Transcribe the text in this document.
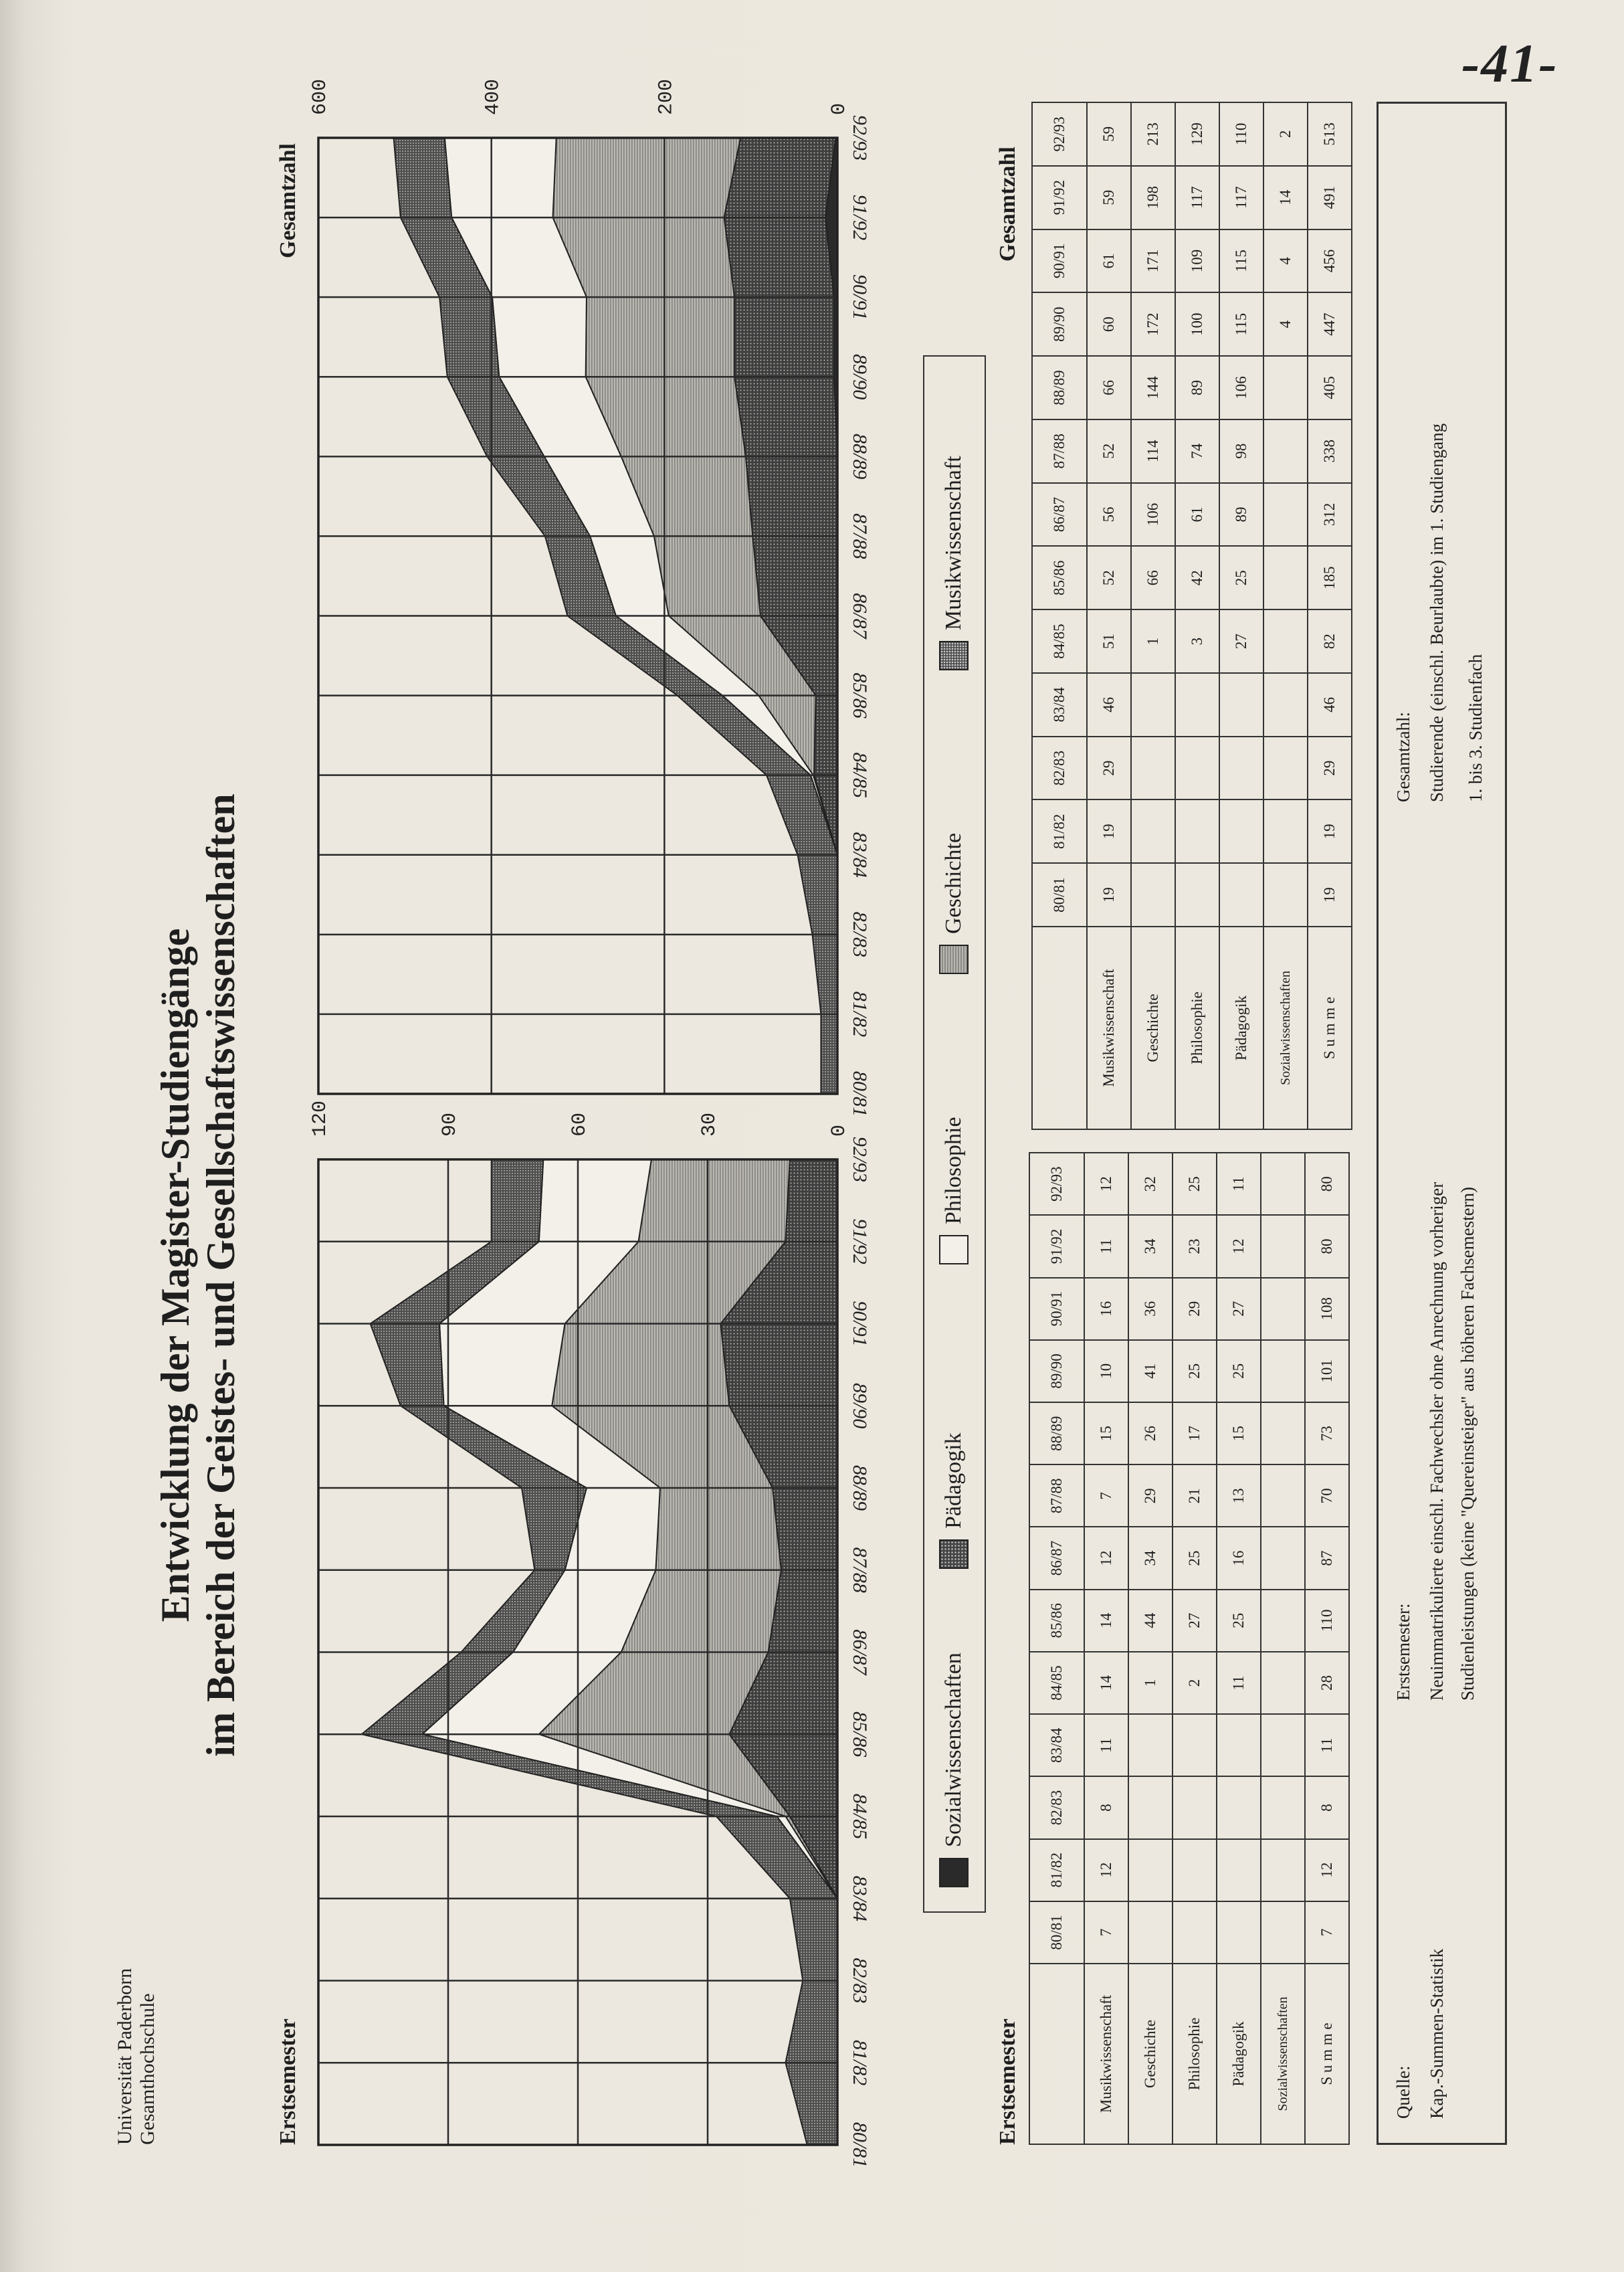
-41-
Universität Paderborn Gesamthochschule
Entwicklung der Magister-Studiengänge im Bereich der Geistes- und Gesellschaftswissenschaften
Erstsemester
Gesamtzahl
0
30
60
90
120
80/81
81/82
82/83
83/84
84/85
85/86
86/87
87/88
88/89
89/90
90/91
91/92
92/93
0
200
400
600
80/81
81/82
82/83
83/84
84/85
85/86
86/87
87/88
88/89
89/90
90/91
91/92
92/93
Sozialwissenschaften
Pädagogik
Philosophie
Geschichte
Musikwissenschaft
Erstsemester
Gesamtzahl
	80/81	81/82	82/83	83/84	84/85	85/86	86/87	87/88	88/89	89/90	90/91	91/92	92/93
Musikwissenschaft	7	12	8	11	14	14	12	7	15	10	16	11	12
Geschichte					1	44	34	29	26	41	36	34	32
Philosophie					2	27	25	21	17	25	29	23	25
Pädagogik					11	25	16	13	15	25	27	12	11
Sozialwissenschaften													
S u m m e	7	12	8	11	28	110	87	70	73	101	108	80	80
	80/81	81/82	82/83	83/84	84/85	85/86	86/87	87/88	88/89	89/90	90/91	91/92	92/93
Musikwissenschaft	19	19	29	46	51	52	56	52	66	60	61	59	59
Geschichte					1	66	106	114	144	172	171	198	213
Philosophie					3	42	61	74	89	100	109	117	129
Pädagogik					27	25	89	98	106	115	115	117	110
Sozialwissenschaften										4	4	14	2
S u m m e	19	19	29	46	82	185	312	338	405	447	456	491	513
Quelle: Kap.-Summen-Statistik
Erstsemester: Neuimmatrikulierte einschl. Fachwechsler ohne Anrechnung vorheriger Studienleistungen (keine "Quereinsteiger" aus höheren Fachsemestern)
Gesamtzahl: Studierende (einschl. Beurlaubte) im 1. Studiengang 1. bis 3. Studienfach
